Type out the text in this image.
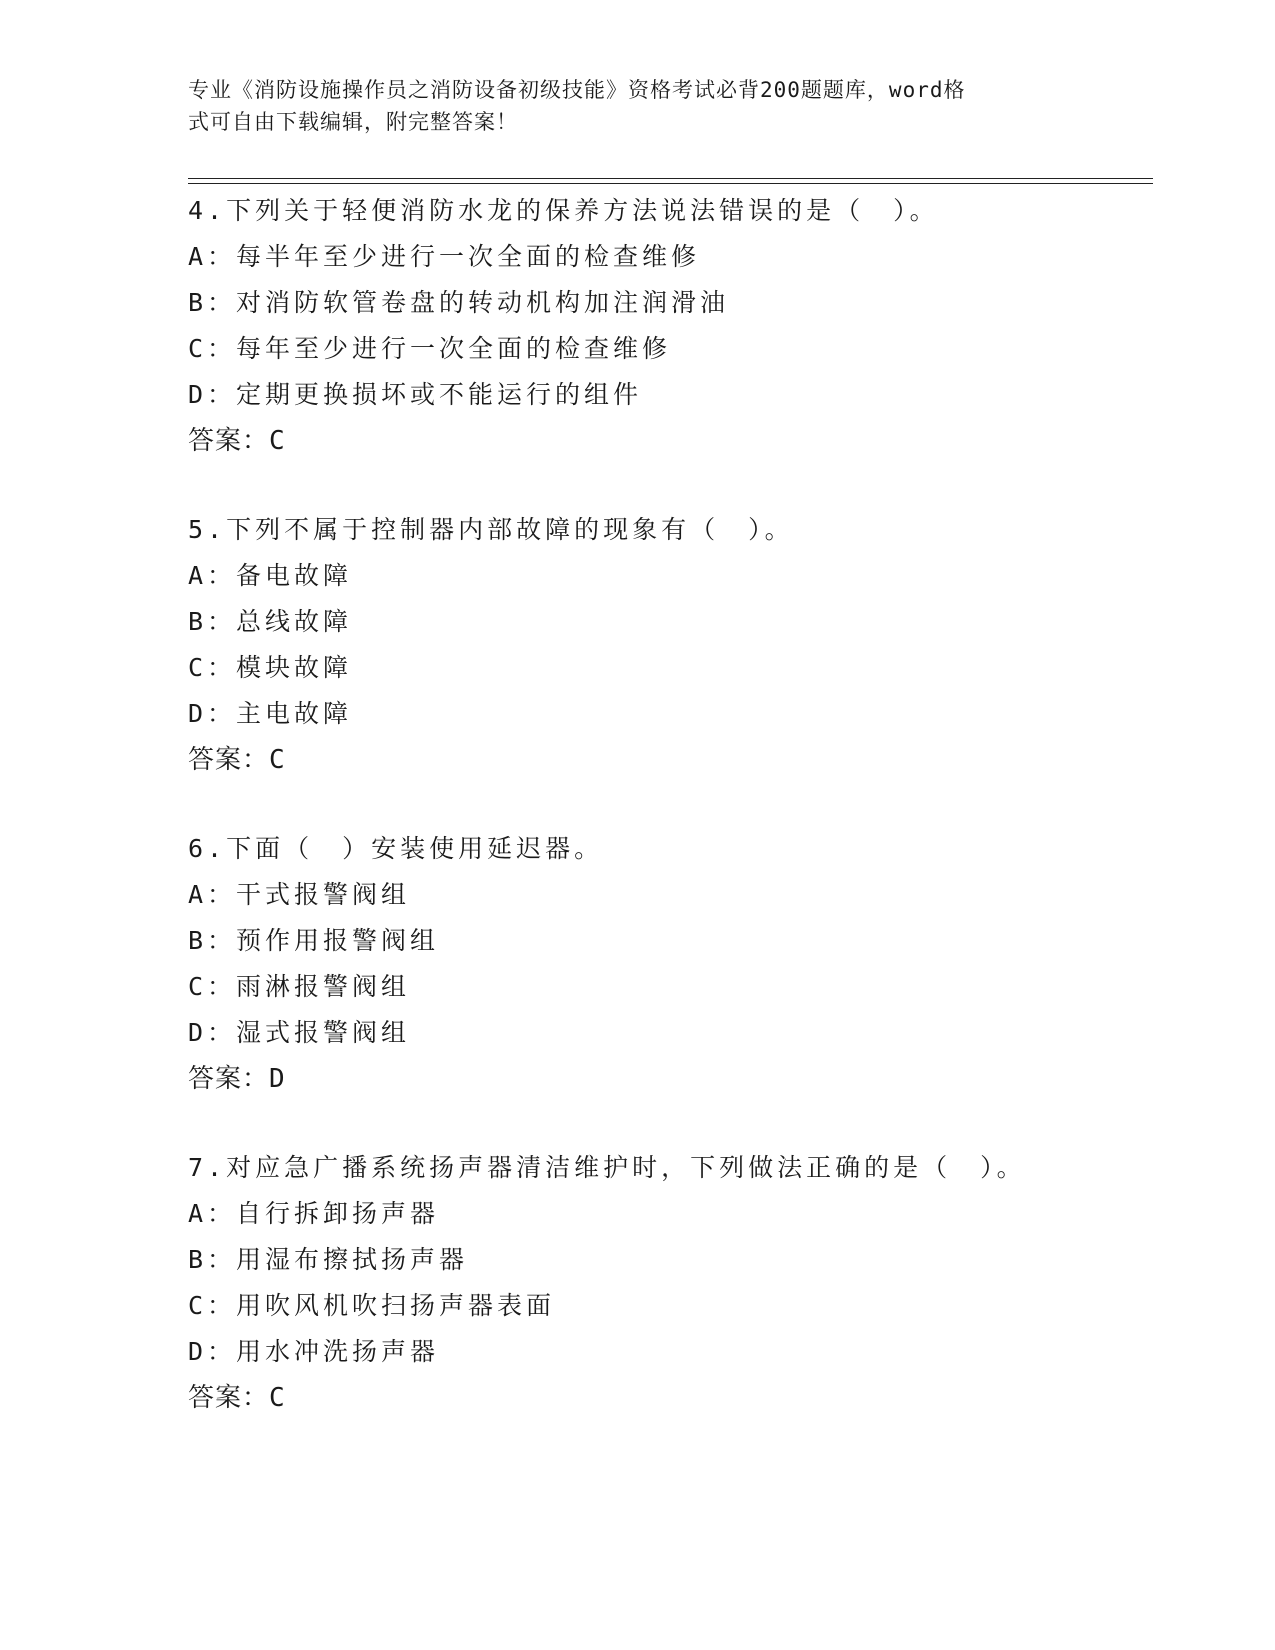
专业《消防设施操作员之消防设备初级技能》资格考试必背200题题库，word格
式可自由下载编辑，附完整答案！
4.下列关于轻便消防水龙的保养方法说法错误的是（　）。
A：每半年至少进行一次全面的检查维修
B：对消防软管卷盘的转动机构加注润滑油
C：每年至少进行一次全面的检查维修
D：定期更换损坏或不能运行的组件
答案：C
5.下列不属于控制器内部故障的现象有（　）。
A：备电故障
B：总线故障
C：模块故障
D：主电故障
答案：C
6.下面（　）安装使用延迟器。
A：干式报警阀组
B：预作用报警阀组
C：雨淋报警阀组
D：湿式报警阀组
答案：D
7.对应急广播系统扬声器清洁维护时，下列做法正确的是（　）。
A：自行拆卸扬声器
B：用湿布擦拭扬声器
C：用吹风机吹扫扬声器表面
D：用水冲洗扬声器
答案：C
